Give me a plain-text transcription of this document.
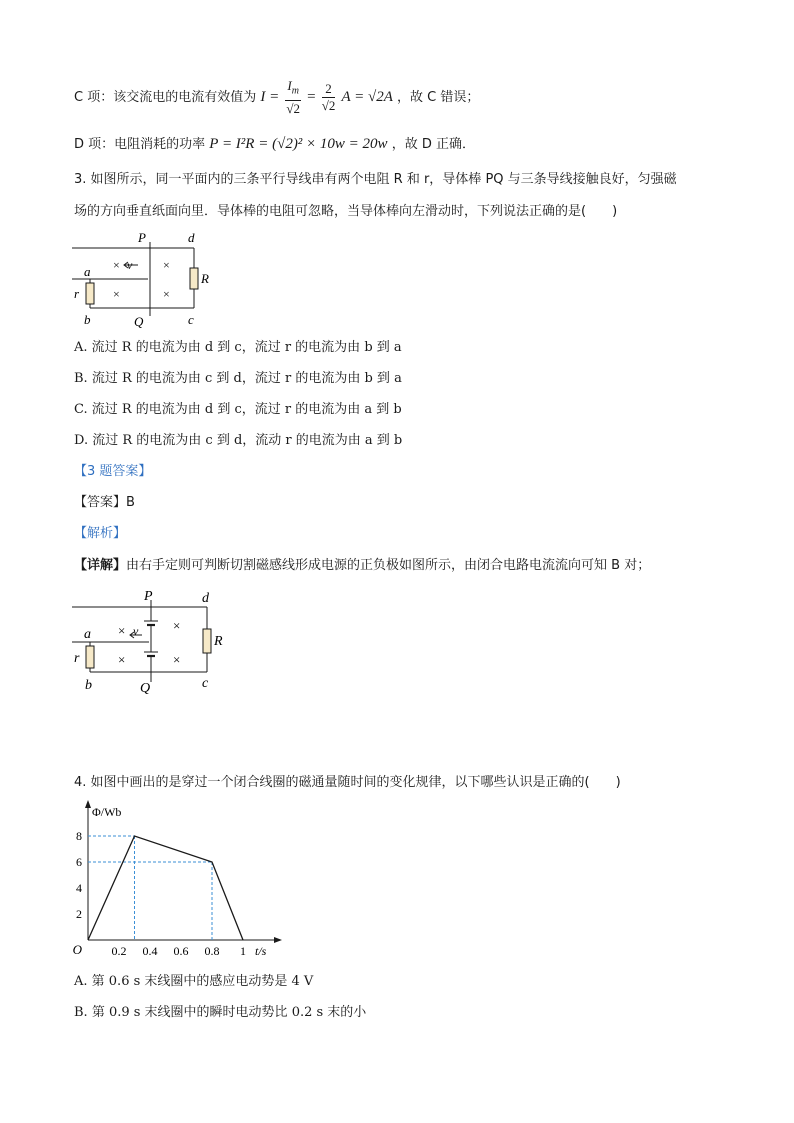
C 项：该交流电的电流有效值为 $I = \frac{I_m}{√2} = \frac{2}{√2}$ A = √2A ，故 C 错误；
D 项：电阻消耗的功率 P = I²R = (√2)² × 10w = 20w ，故 D 正确．
3. 如图所示，同一平面内的三条平行导线串有两个电阻 R 和 r，导体棒 PQ 与三条导线接触良好，匀强磁
场的方向垂直纸面向里．导体棒的电阻可忽略，当导体棒向左滑动时，下列说法正确的是(　　)
P	d
a
r
R
b	Q	c
v
×	×
×	×
A. 流过 R 的电流为由 d 到 c，流过 r 的电流为由 b 到 a
B. 流过 R 的电流为由 c 到 d，流过 r 的电流为由 b 到 a
C. 流过 R 的电流为由 d 到 c，流过 r 的电流为由 a 到 b
D. 流过 R 的电流为由 c 到 d，流动 r 的电流为由 a 到 b
【3 题答案】
【答案】B
【解析】
【详解】由右手定则可判断切割磁感线形成电源的正负极如图所示，由闭合电路电流流向可知 B 对；
P	d
a
r
R
b	Q	c
v
×	×
×	×
4. 如图中画出的是穿过一个闭合线圈的磁通量随时间的变化规律，以下哪些认识是正确的(　　)
0.2 0.4 0.6 0.8 1
2
4
6
8
O	t/s
Φ/Wb
A. 第 0.6 s 末线圈中的感应电动势是 4 V
B. 第 0.9 s 末线圈中的瞬时电动势比 0.2 s 末的小
